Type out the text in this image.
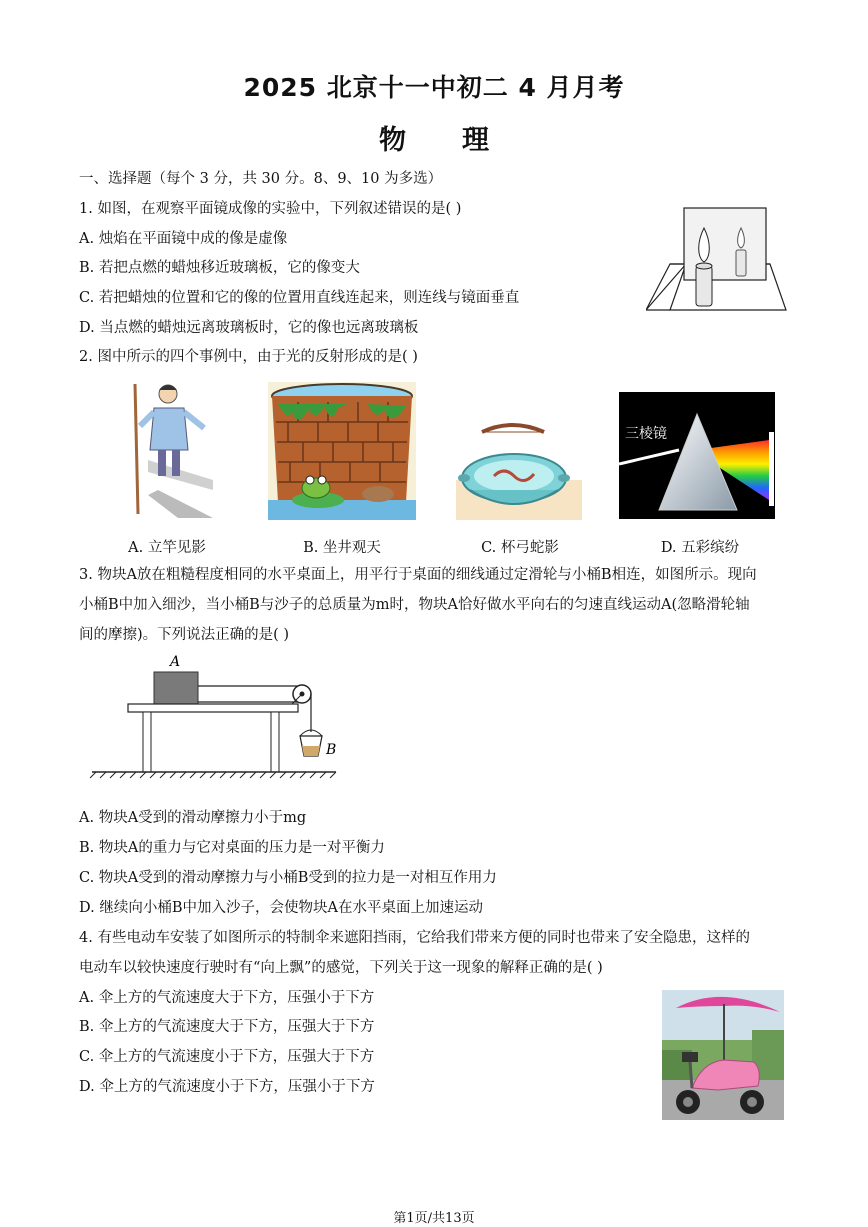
2025 北京十一中初二 4 月月考
物 理
一、选择题（每个 3 分，共 30 分。8、9、10 为多选）
1. 如图，在观察平面镜成像的实验中，下列叙述错误的是( )
A. 烛焰在平面镜中成的像是虚像
B. 若把点燃的蜡烛移近玻璃板，它的像变大
C. 若把蜡烛的位置和它的像的位置用直线连起来，则连线与镜面垂直
D. 当点燃的蜡烛远离玻璃板时，它的像也远离玻璃板
2. 图中所示的四个事例中，由于光的反射形成的是( )
三棱镜
A. 立竿见影	B. 坐井观天	C. 杯弓蛇影	D. 五彩缤纷
3. 物块A放在粗糙程度相同的水平桌面上，用平行于桌面的细线通过定滑轮与小桶B相连，如图所示。现向
小桶B中加入细沙，当小桶B与沙子的总质量为m时，物块A恰好做水平向右的匀速直线运动A(忽略滑轮轴
间的摩擦)。下列说法正确的是( )
A
B
A. 物块A受到的滑动摩擦力小于mg
B. 物块A的重力与它对桌面的压力是一对平衡力
C. 物块A受到的滑动摩擦力与小桶B受到的拉力是一对相互作用力
D. 继续向小桶B中加入沙子，会使物块A在水平桌面上加速运动
4. 有些电动车安装了如图所示的特制伞来遮阳挡雨，它给我们带来方便的同时也带来了安全隐患，这样的
电动车以较快速度行驶时有“向上飘”的感觉，下列关于这一现象的解释正确的是( )
A. 伞上方的气流速度大于下方，压强小于下方
B. 伞上方的气流速度大于下方，压强大于下方
C. 伞上方的气流速度小于下方，压强大于下方
D. 伞上方的气流速度小于下方，压强小于下方
第1页/共13页
